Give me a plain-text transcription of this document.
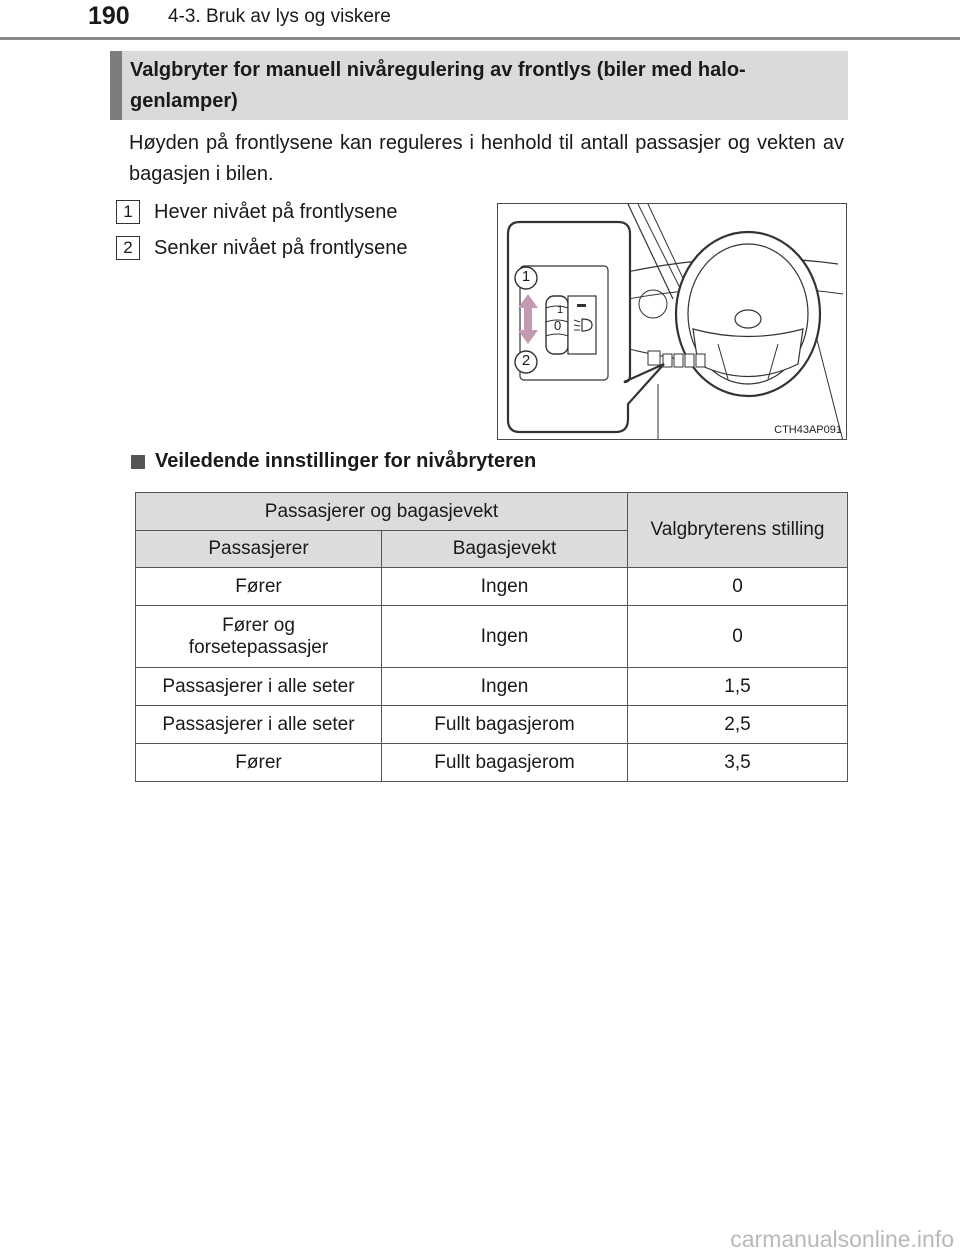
190 4-3. Bruk av lys og viskere
Valgbryter for manuell nivåregulering av frontlys (biler med halo-genlamper)
Høyden på frontlysene kan reguleres i henhold til antall passasjer og vekten av bagasjen i bilen.
1	Hever nivået på frontlysene
2	Senker nivået på frontlysene
1
0
1
2
CTH43AP091
Veiledende innstillinger for nivåbryteren
Passasjerer og bagasjevekt		Valgbryterens stilling
Passasjerer	Bagasjevekt	
Fører	Ingen	0
Fører og forsetepassasjer	Ingen	0
Passasjerer i alle seter	Ingen	1,5
Passasjerer i alle seter	Fullt bagasjerom	2,5
Fører	Fullt bagasjerom	3,5
carmanualsonline.info
